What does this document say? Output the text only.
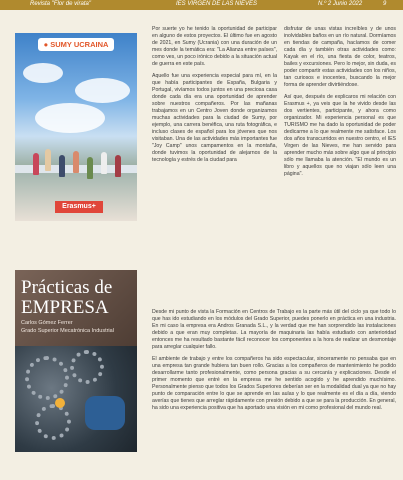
Revista "Flor de virata"	IES VIRGEN DE LAS NIEVES	N.º 2 Junio 2022	9
● SUMY UCRAINA
Erasmus+

Por suerte yo he tenido la oportunidad de participar en alguno de estos proyectos. El último fue en agosto de 2021, en Sumy (Ucrania) con una duración de un mes donde la temática era: "La Alianza entre países", como ves, un poco irónico debido a la situación actual de guerra en este país.

Aquello fue una experiencia especial para mí, en la que había participantes de España, Bulgaria y Portugal, vivíamos todos juntos en una preciosa casa donde cada día era una oportunidad de aprender sobre nuestros compañeros. Por las mañanas trabajamos en un Centro Joven donde organizamos muchas actividades para la ciudad de Sumy, por ejemplo, una carrera benéfica, una ruta fotográfica, e incluso clases de español para los jóvenes que nos visitaban. Una de las actividades más importantes fue "Joy Camp" unos campamentos en la montaña, donde tuvimos la oportunidad de alejarnos de la tecnología y estrés de la ciudad para

disfrutar de unas vistas increíbles y de unos inolvidables baños en un río natural. Dormíamos en tiendas de campaña, hacíamos de comer cada día y también otras actividades como: Kayak en el río, una fiesta de color, teatros, bailes y excursiones. Pero lo mejor, sin duda, es poder compartir estas actividades con los niños, tan curiosos e inocentes, buscando la mejor forma de aprender divirtiéndose.

Así que, después de explicaros mi relación con Erasmus +, ya veis que la he vivido desde las dos vertientes, participante, y ahora como organizador. Mi experiencia personal es que TURISMO me ha dado la oportunidad de poder dedicarme a lo que realmente me satisface. Los dos años transcurridos en nuestro centro, el IES Virgen de las Nieves, me han servido para aprender mucho más sobre algo que al principio sólo me llamaba la atención. "El mundo es un libro y aquellos que no viajan sólo leen una página".

Prácticas de
EMPRESA
Carlos Gómez Ferrer
Grado Superior Mecatrónica Industrial

Desde mi punto de vista la Formación en Centros de Trabajo es la parte más útil del ciclo ya que todo lo que has ido estudiando en los módulos del Grado Superior, puedes ponerlo en práctica en una industria. En mi caso la empresa era Andros Granada S.L., y la verdad que me han sorprendido las instalaciones debido a que eran muy completas. La mayoría de maquinaria las había estudiado con anterioridad entonces me ha resultado bastante fácil reconocer los componentes a la hora de realizar un desmontaje para arreglar cualquier fallo.

El ambiente de trabajo y entre los compañeros ha sido espectacular, sinceramente no pensaba que en una empresa tan grande hubiera tan buen rollo. Gracias a los compañeros de mantenimiento he podido desarrollarme tanto profesionalmente, como persona gracias a su cercanía y explicaciones. Desde el primer momento que entré en la empresa me he sentido acogido y he aprendido muchísimo. Personalmente pienso que todos los Grados Superiores deberían ser en la modalidad dual ya que no hay punto de comparación entre lo que se aprende en las aulas y lo que realmente es el día a día, viendo averías que tienes que arreglar rápidamente con presión debido a que se para la producción. En general, ha sido una experiencia positiva que ha aportado una visión en mi como profesional del mundo real.
